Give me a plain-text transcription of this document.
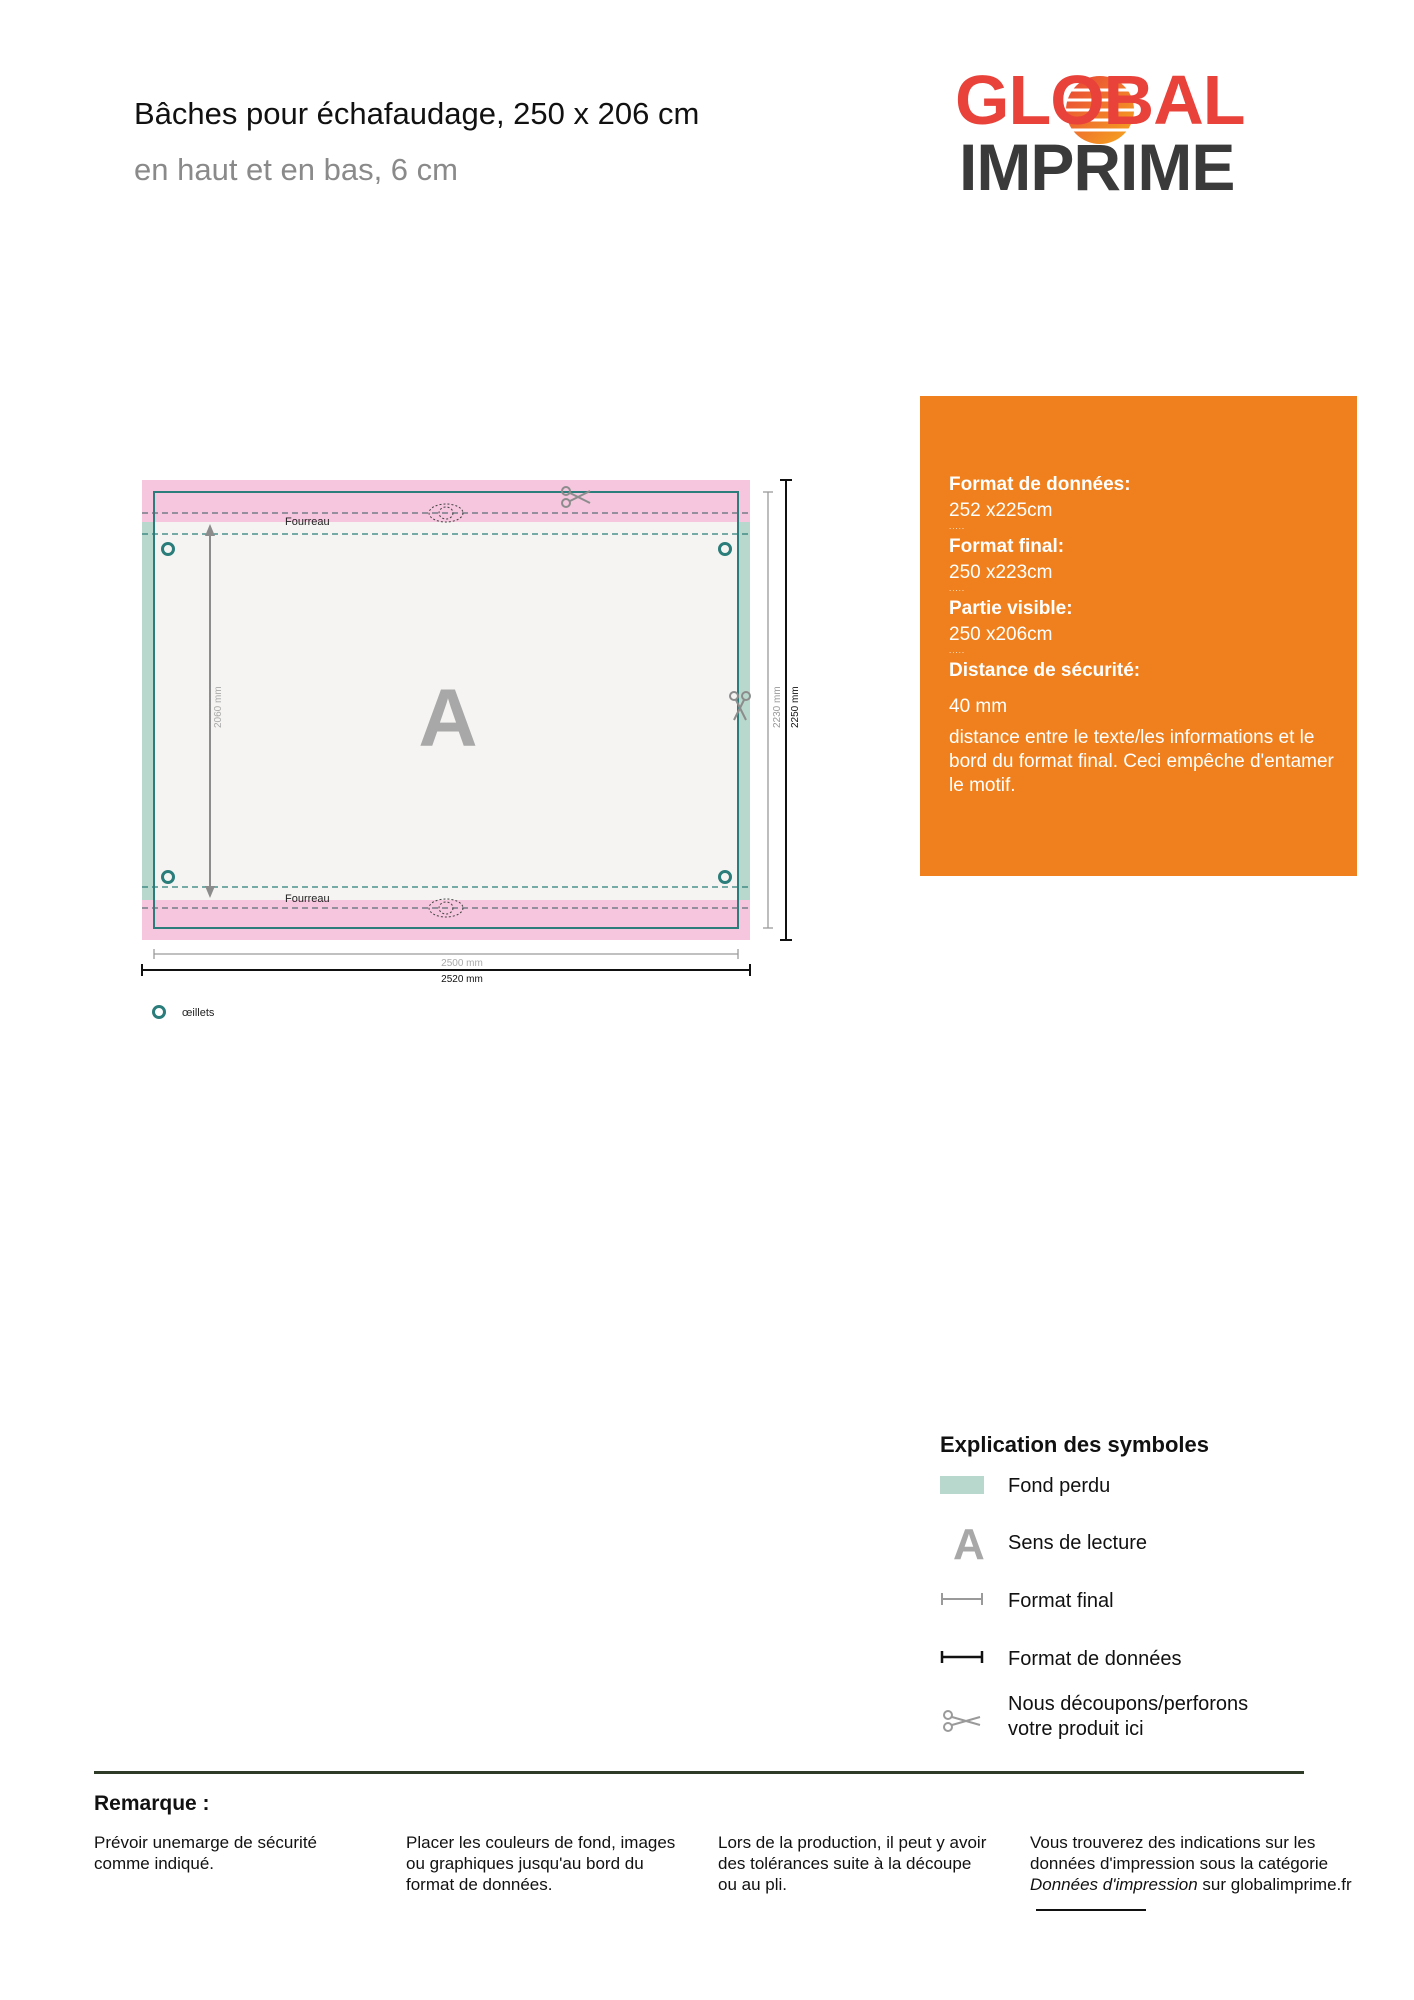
Bâches pour échafaudage, 250 x 206 cm
en haut et en bas, 6 cm
GLOBAL
IMPRIME
Format de données:
252 x225cm
.....
Format final:
250 x223cm
.....
Partie visible:
250 x206cm
.....
Distance de sécurité:
40 mm
distance entre le texte/les informations et le bord du format final. Ceci empêche d'entamer le motif.
Fourreau
Fourreau
2060 mm A	2230 mm 2250 mm
2500 mm
2520 mm
œillets
Explication des symboles
Fond perdu
A Sens de lecture
Format final
Format de données
Nous découpons/perforons
votre produit ici
Remarque :
Prévoir unemarge de sécurité comme indiqué.
Placer les couleurs de fond, images ou graphiques jusqu'au bord du format de données.
Lors de la production, il peut y avoir des tolérances suite à la découpe ou au pli.
Vous trouverez des indications sur les données d'impression sous la catégorie Données d'impression sur globalimprime.fr
